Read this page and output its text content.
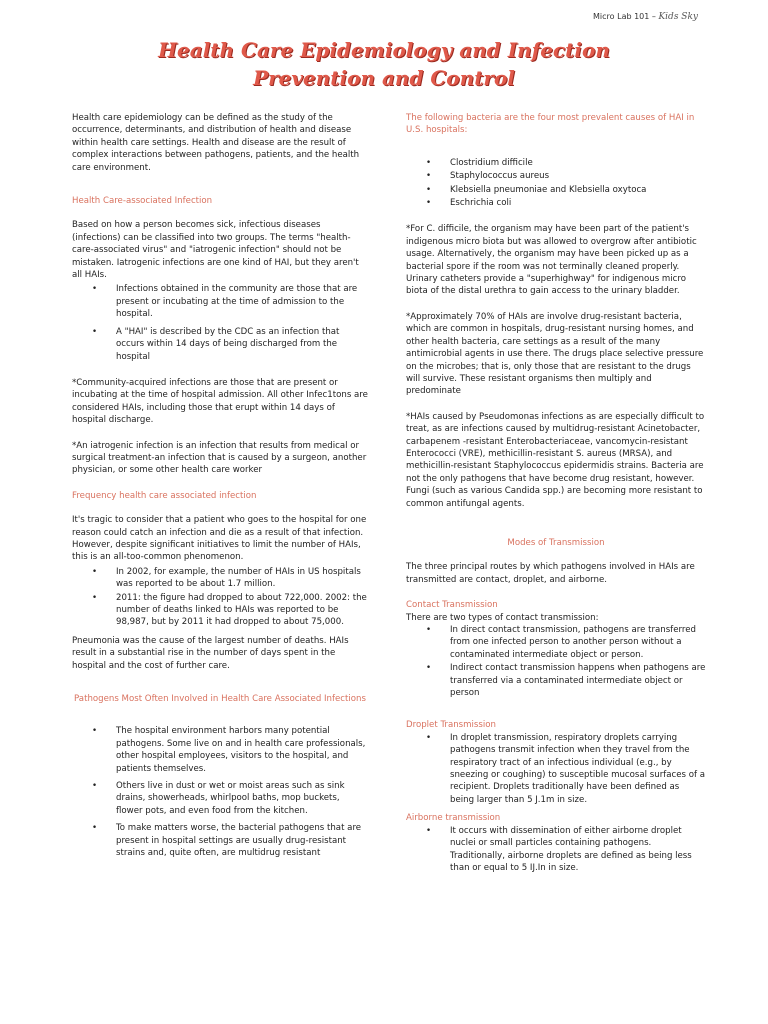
Micro Lab 101 – Kids Sky
Health Care Epidemiology and Infection
Prevention and Control

Health care epidemiology can be defined as the study of the occurrence, determinants, and distribution of health and disease within health care settings. Health and disease are the result of complex interactions between pathogens, patients, and the health care environment.

Health Care-associated Infection

Based on how a person becomes sick, infectious diseases (infections) can be classified into two groups. The terms "health-care-associated virus" and "iatrogenic infection" should not be mistaken. Iatrogenic infections are one kind of HAI, but they aren't all HAIs.

• Infections obtained in the community are those that are present or incubating at the time of admission to the hospital.
• A "HAI" is described by the CDC as an infection that occurs within 14 days of being discharged from the hospital

*Community-acquired infections are those that are present or incubating at the time of hospital admission. All other Infec1tons are considered HAIs, including those that erupt within 14 days of hospital discharge.

*An iatrogenic infection is an infection that results from medical or surgical treatment-an infection that is caused by a surgeon, another physician, or some other health care worker

Frequency health care associated infection

It's tragic to consider that a patient who goes to the hospital for one reason could catch an infection and die as a result of that infection. However, despite significant initiatives to limit the number of HAIs, this is an all-too-common phenomenon.

• In 2002, for example, the number of HAIs in US hospitals was reported to be about 1.7 million.
• 2011: the figure had dropped to about 722,000. 2002: the number of deaths linked to HAIs was reported to be 98,987, but by 2011 it had dropped to about 75,000.

Pneumonia was the cause of the largest number of deaths. HAIs result in a substantial rise in the number of days spent in the hospital and the cost of further care.

Pathogens Most Often Involved in Health Care Associated Infections

• The hospital environment harbors many potential pathogens. Some live on and in health care professionals, other hospital employees, visitors to the hospital, and patients themselves.
• Others live in dust or wet or moist areas such as sink drains, showerheads, whirlpool baths, mop buckets, flower pots, and even food from the kitchen.
• To make matters worse, the bacterial pathogens that are present in hospital settings are usually drug-resistant strains and, quite often, are multidrug resistant

The following bacteria are the four most prevalent causes of HAI in U.S. hospitals:

• Clostridium difficile
• Staphylococcus aureus
• Klebsiella pneumoniae and Klebsiella oxytoca
• Eschrichia coli

*For C. difficile, the organism may have been part of the patient's indigenous micro biota but was allowed to overgrow after antibiotic usage. Alternatively, the organism may have been picked up as a bacterial spore if the room was not terminally cleaned properly. Urinary catheters provide a "superhighway" for indigenous micro biota of the distal urethra to gain access to the urinary bladder.

*Approximately 70% of HAIs are involve drug-resistant bacteria, which are common in hospitals, drug-resistant nursing homes, and other health bacteria, care settings as a result of the many antimicrobial agents in use there. The drugs place selective pressure on the microbes; that is, only those that are resistant to the drugs will survive. These resistant organisms then multiply and predominate

*HAIs caused by Pseudomonas infections as are especially difficult to treat, as are infections caused by multidrug-resistant Acinetobacter, carbapenem -resistant Enterobacteriaceae, vancomycin-resistant Enterococci (VRE), methicillin-resistant S. aureus (MRSA), and methicillin-resistant Staphylococcus epidermidis strains. Bacteria are not the only pathogens that have become drug resistant, however. Fungi (such as various Candida spp.) are becoming more resistant to common antifungal agents.

Modes of Transmission

The three principal routes by which pathogens involved in HAIs are transmitted are contact, droplet, and airborne.

Contact Transmission

There are two types of contact transmission:

• In direct contact transmission, pathogens are transferred from one infected person to another person without a contaminated intermediate object or person.
• Indirect contact transmission happens when pathogens are transferred via a contaminated intermediate object or person

Droplet Transmission

• In droplet transmission, respiratory droplets carrying pathogens transmit infection when they travel from the respiratory tract of an infectious individual (e.g., by sneezing or coughing) to susceptible mucosal surfaces of a recipient. Droplets traditionally have been defined as being larger than 5 J.1m in size.

Airborne transmission

• It occurs with dissemination of either airborne droplet nuclei or small particles containing pathogens. Traditionally, airborne droplets are defined as being less than or equal to 5 IJ.In in size.
